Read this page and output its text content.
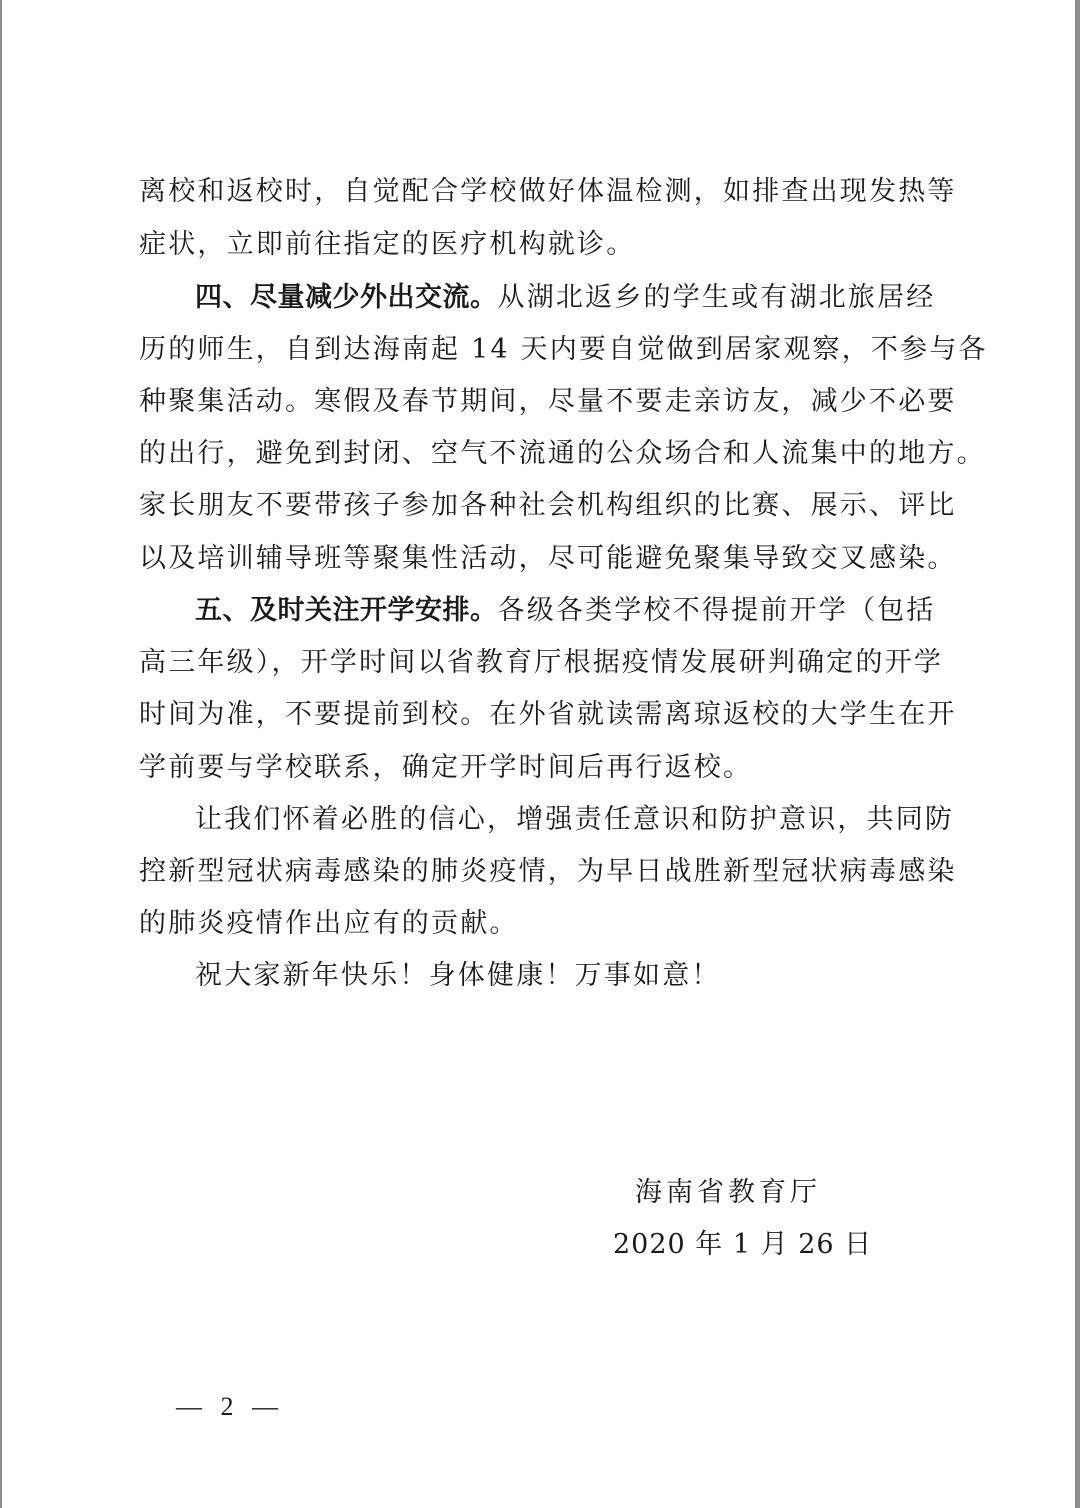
离校和返校时，自觉配合学校做好体温检测，如排查出现发热等
症状，立即前往指定的医疗机构就诊。
四、尽量减少外出交流。从湖北返乡的学生或有湖北旅居经
历的师生，自到达海南起 14 天内要自觉做到居家观察，不参与各
种聚集活动。寒假及春节期间，尽量不要走亲访友，减少不必要
的出行，避免到封闭、空气不流通的公众场合和人流集中的地方。
家长朋友不要带孩子参加各种社会机构组织的比赛、展示、评比
以及培训辅导班等聚集性活动，尽可能避免聚集导致交叉感染。
五、及时关注开学安排。各级各类学校不得提前开学（包括
高三年级），开学时间以省教育厅根据疫情发展研判确定的开学
时间为准，不要提前到校。在外省就读需离琼返校的大学生在开
学前要与学校联系，确定开学时间后再行返校。
让我们怀着必胜的信心，增强责任意识和防护意识，共同防
控新型冠状病毒感染的肺炎疫情，为早日战胜新型冠状病毒感染
的肺炎疫情作出应有的贡献。
祝大家新年快乐！身体健康！万事如意！
海南省教育厅
2020 年 1 月 26 日
— 2 —
